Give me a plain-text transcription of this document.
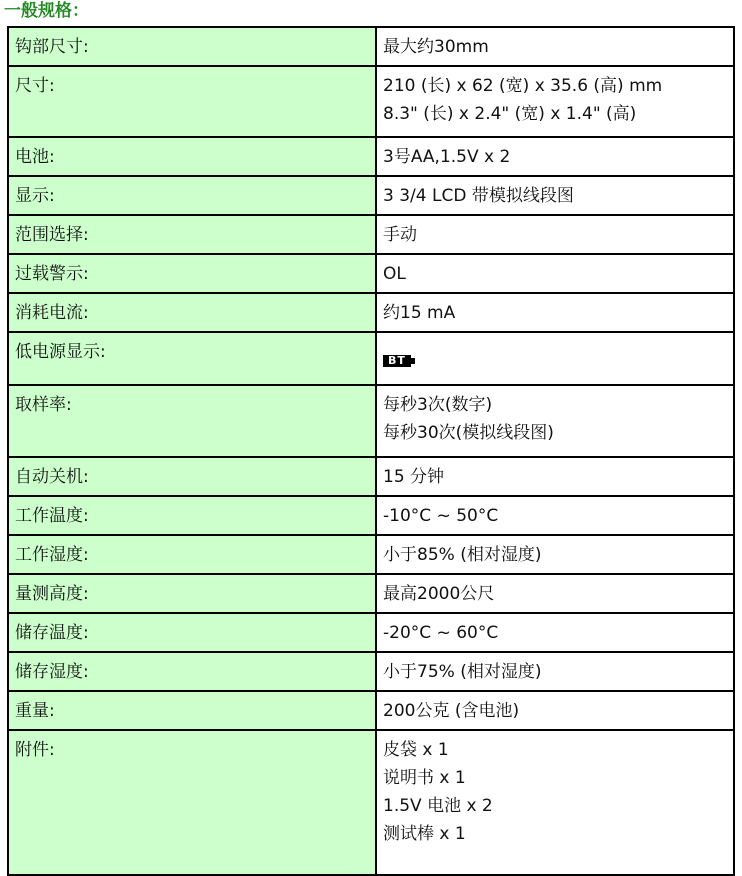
一般规格：
钩部尺寸:	最大约30mm

尺寸:	210 (长) x 62 (宽) x 35.6 (高) mm
8.3" (长) x 2.4" (宽) x 1.4" (高)

电池:	3号AA,1.5V x 2

显示:	3 3/4 LCD 带模拟线段图

范围选择:	手动

过载警示:	OL

消耗电流:	约15 mA

低电源显示:	BT
取样率:	每秒3次(数字)
每秒30次(模拟线段图)

自动关机:	15 分钟

工作温度:	-10°C ~ 50°C

工作湿度:	小于85% (相对湿度)

量测高度:	最高2000公尺

储存温度:	-20°C ~ 60°C

储存湿度:	小于75% (相对湿度)

重量:	200公克 (含电池)

附件:	皮袋 x 1
说明书 x 1
1.5V 电池 x 2
测试棒 x 1
